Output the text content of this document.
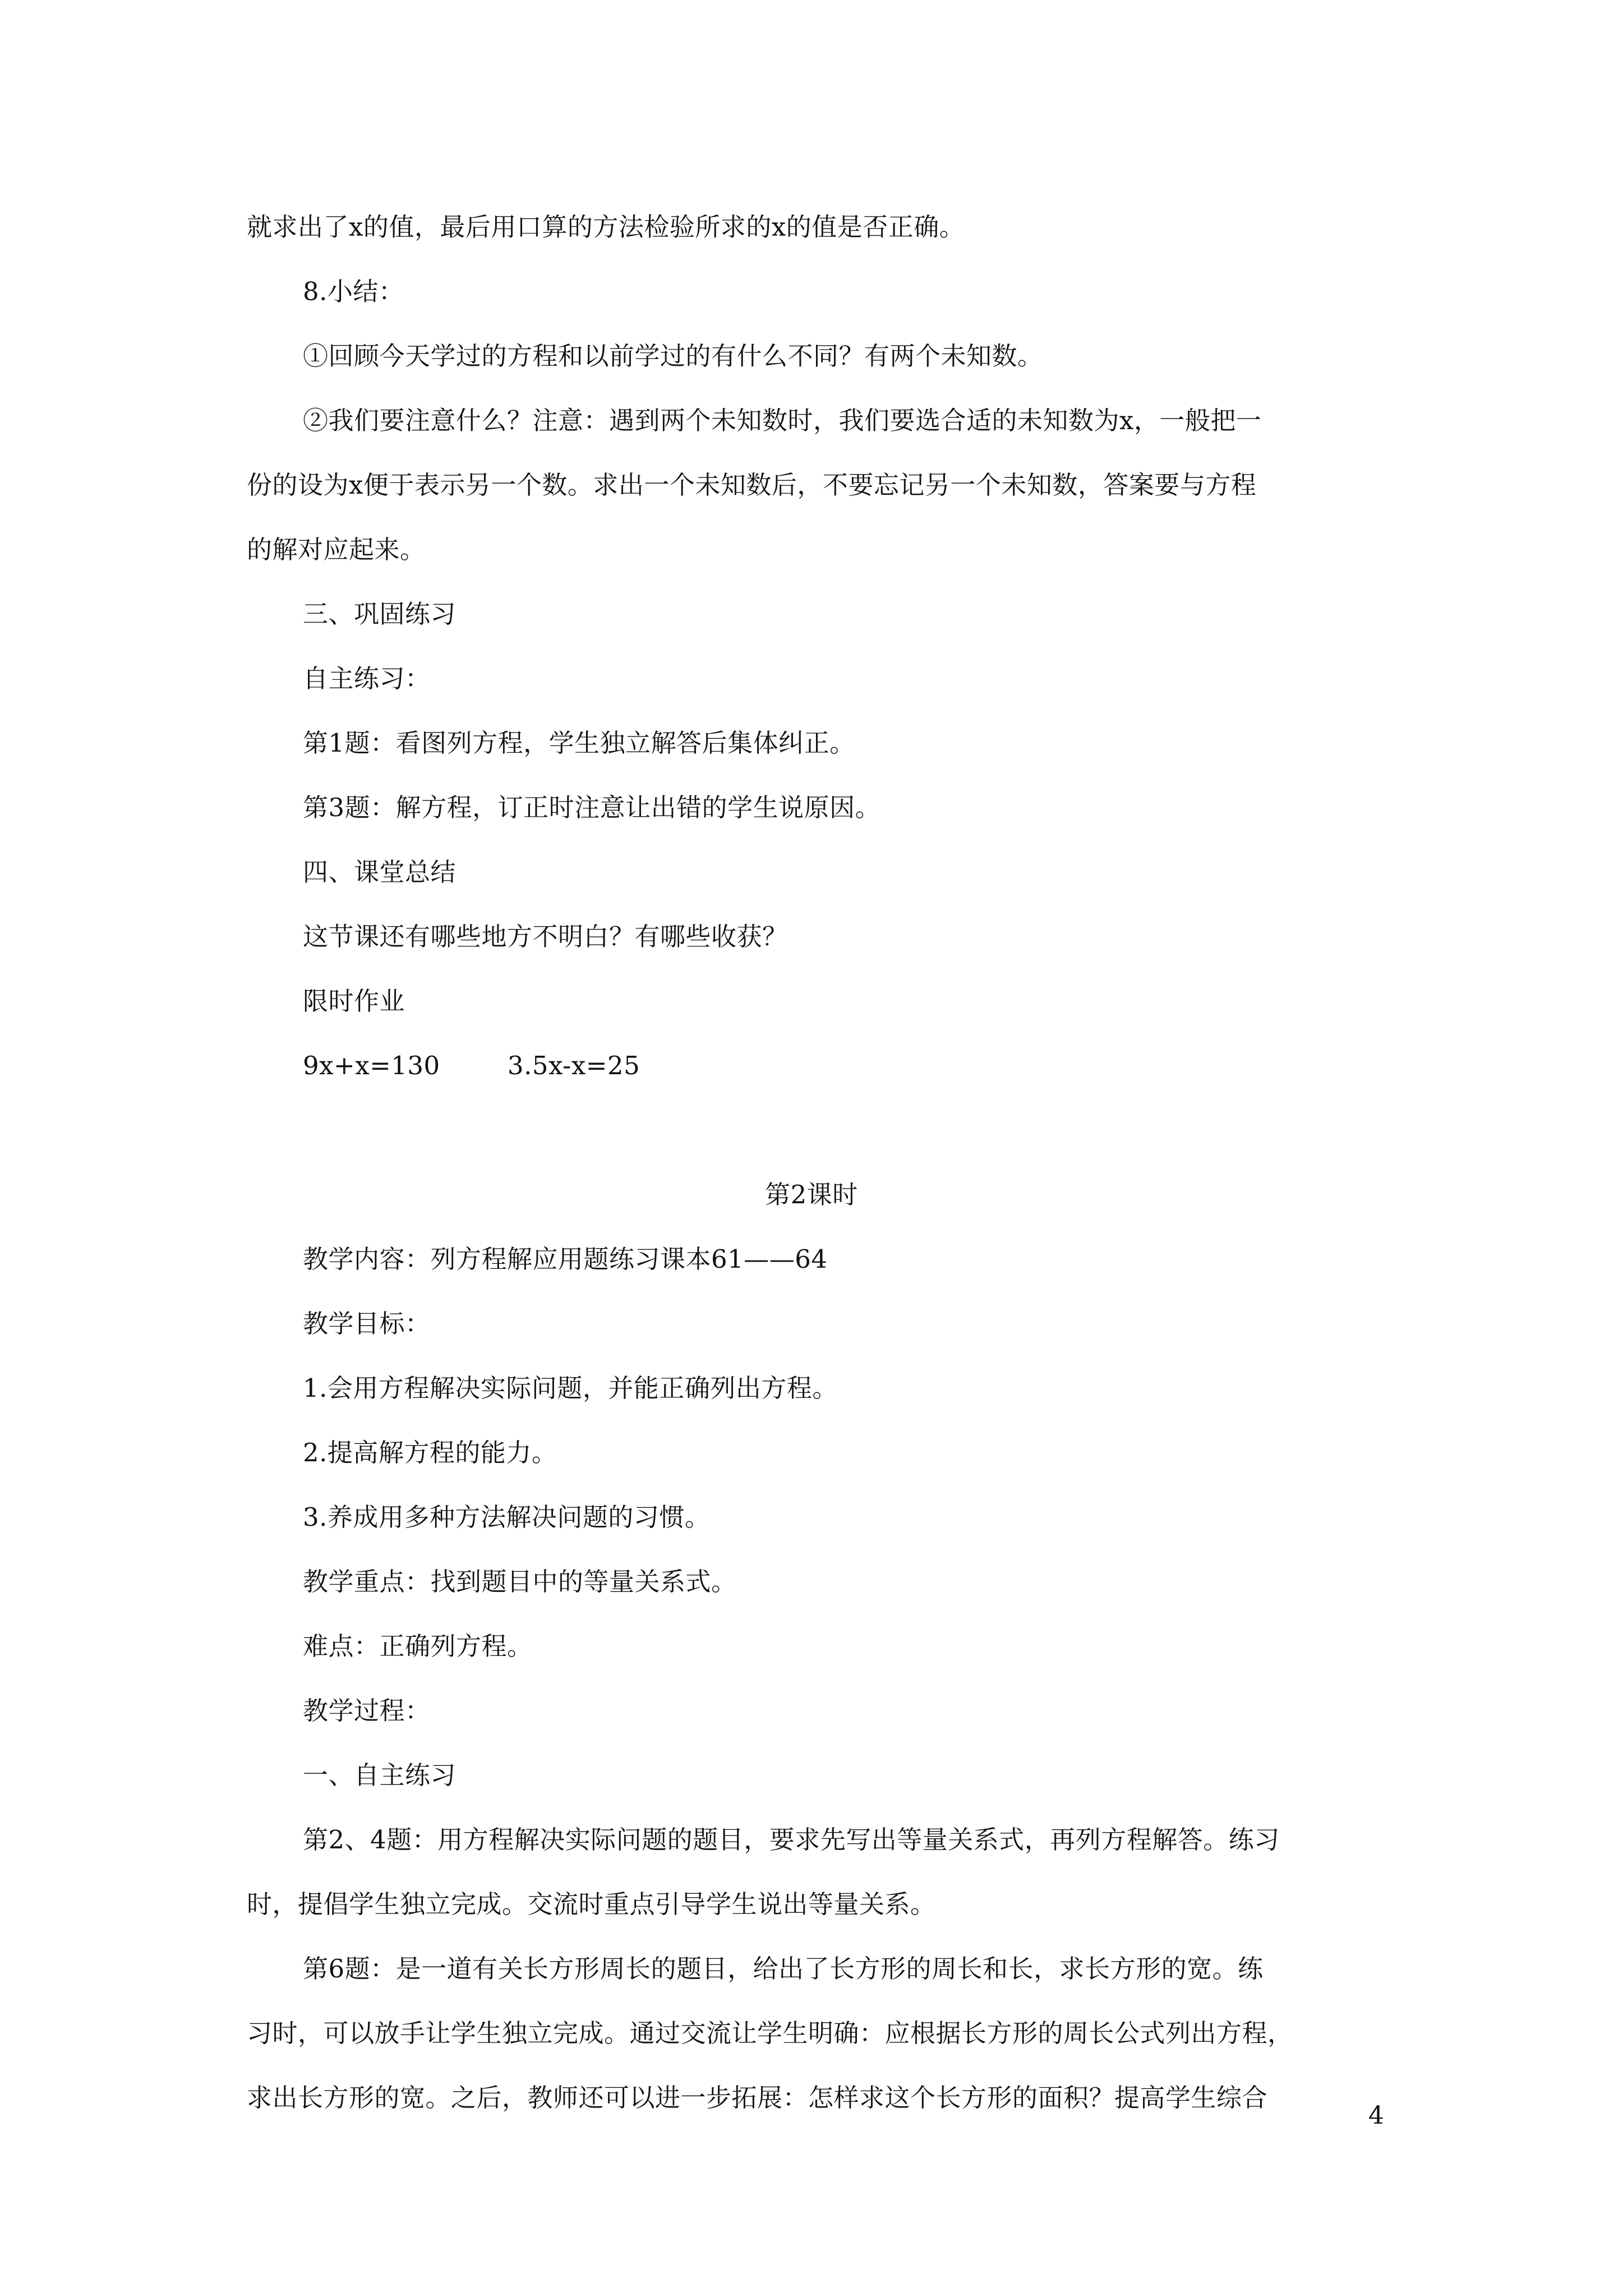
就求出了x的值，最后用口算的方法检验所求的x的值是否正确。
8.小结：
①回顾今天学过的方程和以前学过的有什么不同？有两个未知数。
②我们要注意什么？注意：遇到两个未知数时，我们要选合适的未知数为x，一般把一
份的设为x便于表示另一个数。求出一个未知数后，不要忘记另一个未知数，答案要与方程
的解对应起来。
三、巩固练习
自主练习：
第1题：看图列方程，学生独立解答后集体纠正。
第3题：解方程，订正时注意让出错的学生说原因。
四、课堂总结
这节课还有哪些地方不明白？有哪些收获？
限时作业
9x+x=130	3.5x-x=25
第2课时
教学内容：列方程解应用题练习课本61——64
教学目标：
1.会用方程解决实际问题，并能正确列出方程。
2.提高解方程的能力。
3.养成用多种方法解决问题的习惯。
教学重点：找到题目中的等量关系式。
难点：正确列方程。
教学过程：
一、自主练习
第2、4题：用方程解决实际问题的题目，要求先写出等量关系式，再列方程解答。练习
时，提倡学生独立完成。交流时重点引导学生说出等量关系。
第6题：是一道有关长方形周长的题目，给出了长方形的周长和长，求长方形的宽。练
习时，可以放手让学生独立完成。通过交流让学生明确：应根据长方形的周长公式列出方程，
求出长方形的宽。之后，教师还可以进一步拓展：怎样求这个长方形的面积？提高学生综合
4
